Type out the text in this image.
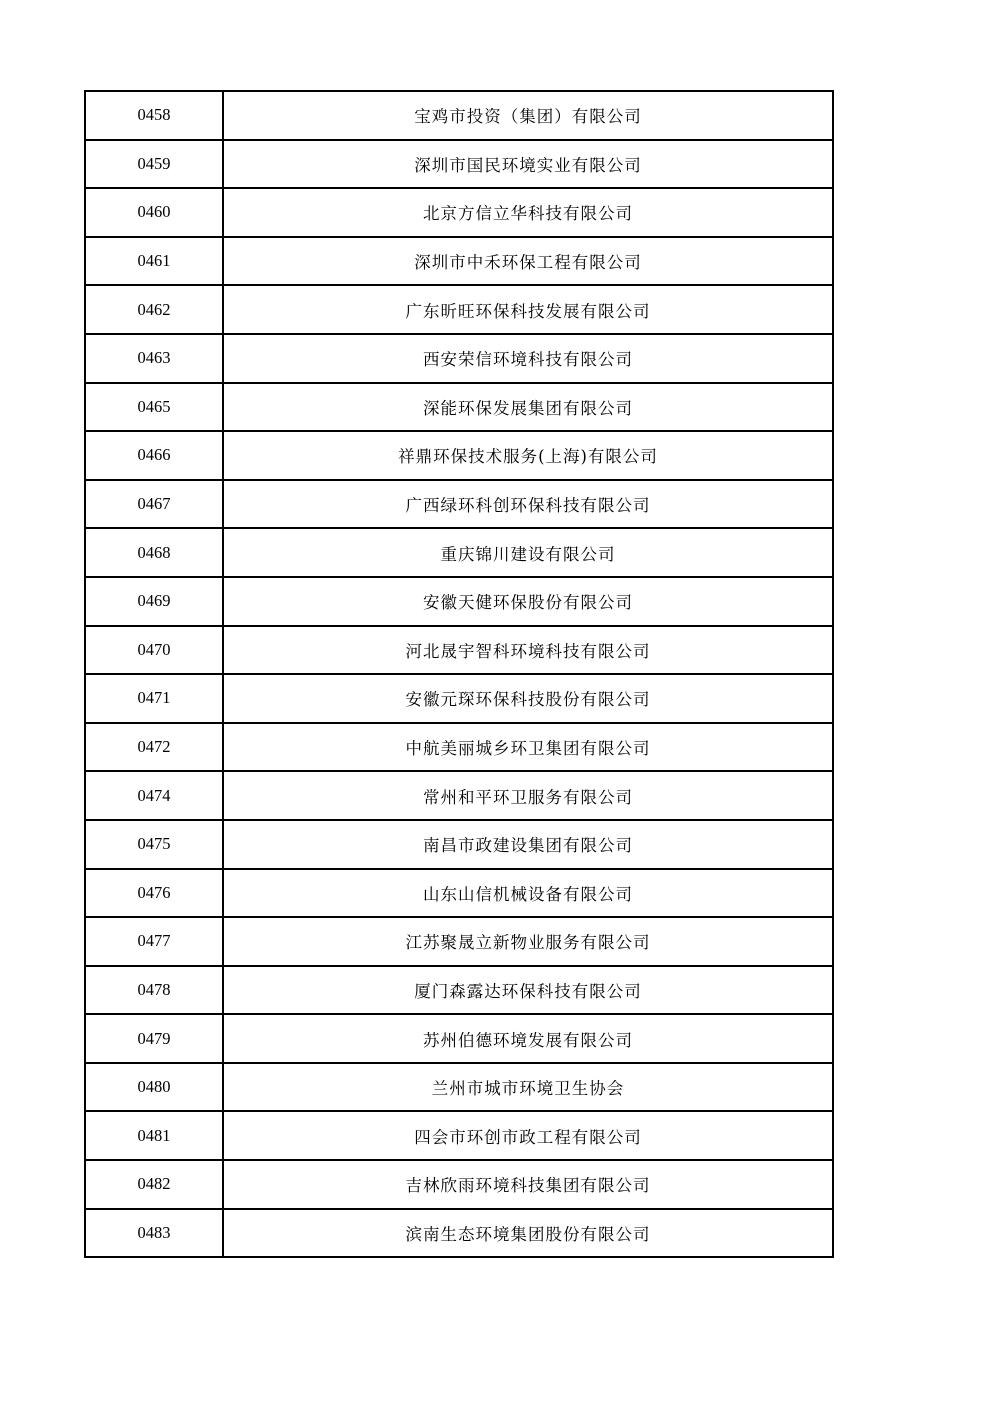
0458	宝鸡市投资（集团）有限公司
0459	深圳市国民环境实业有限公司
0460	北京方信立华科技有限公司
0461	深圳市中禾环保工程有限公司
0462	广东昕旺环保科技发展有限公司
0463	西安荣信环境科技有限公司
0465	深能环保发展集团有限公司
0466	祥鼎环保技术服务(上海)有限公司
0467	广西绿环科创环保科技有限公司
0468	重庆锦川建设有限公司
0469	安徽天健环保股份有限公司
0470	河北晟宇智科环境科技有限公司
0471	安徽元琛环保科技股份有限公司
0472	中航美丽城乡环卫集团有限公司
0474	常州和平环卫服务有限公司
0475	南昌市政建设集团有限公司
0476	山东山信机械设备有限公司
0477	江苏聚晟立新物业服务有限公司
0478	厦门森露达环保科技有限公司
0479	苏州伯德环境发展有限公司
0480	兰州市城市环境卫生协会
0481	四会市环创市政工程有限公司
0482	吉林欣雨环境科技集团有限公司
0483	滨南生态环境集团股份有限公司
